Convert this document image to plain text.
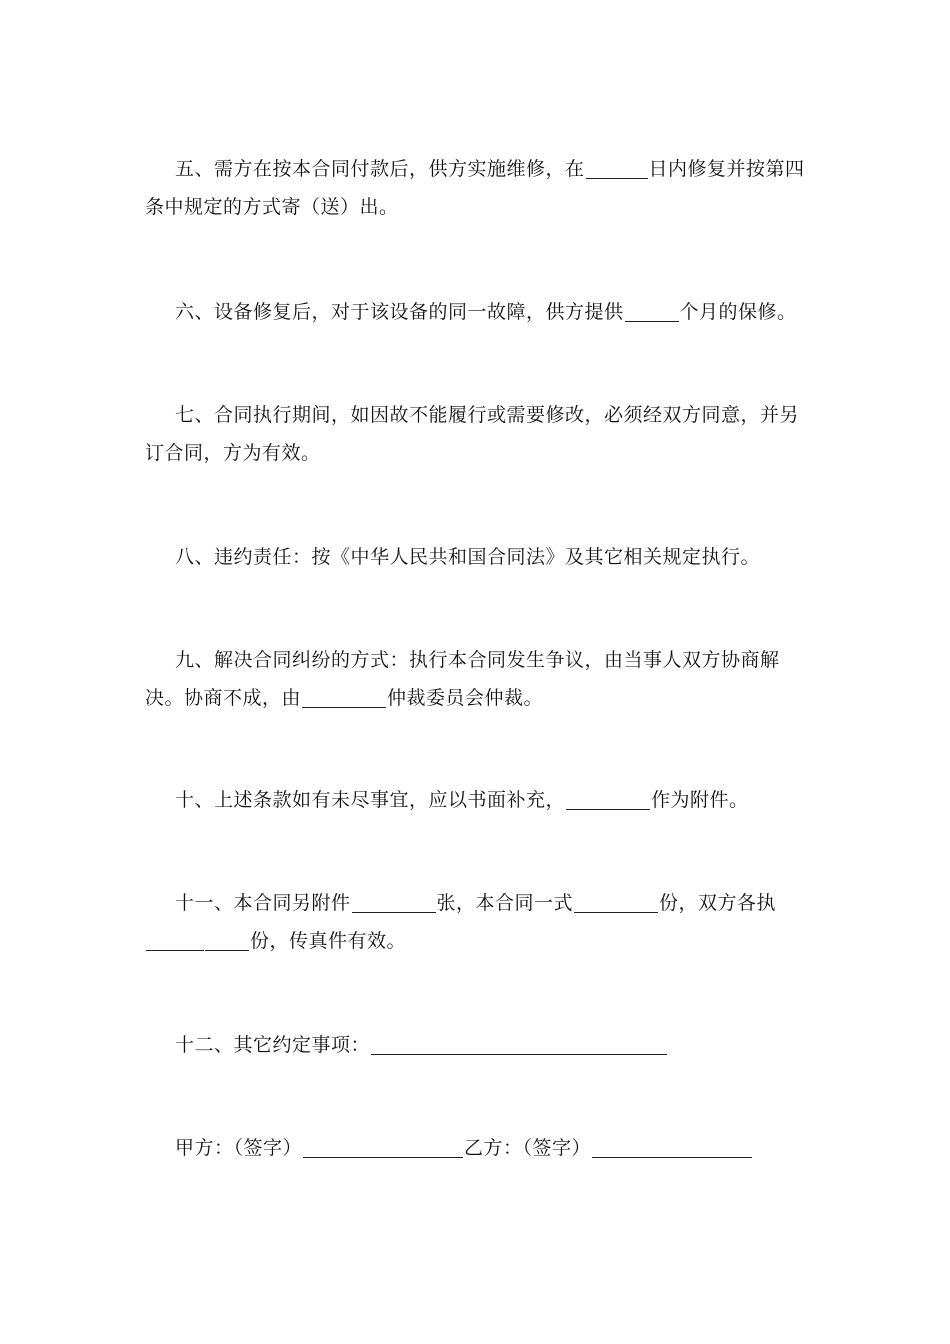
五、需方在按本合同付款后，供方实施维修，在	日内修复并按第四条中规定的方式寄（送）出。

六、设备修复后，对于该设备的同一故障，供方提供	个月的保修。

七、合同执行期间，如因故不能履行或需要修改，必须经双方同意，并另订合同，方为有效。

八、违约责任：按《中华人民共和国合同法》及其它相关规定执行。

九、解决合同纠纷的方式：执行本合同发生争议，由当事人双方协商解决。协商不成，由	仲裁委员会仲裁。

十、上述条款如有未尽事宜，应以书面补充，	作为附件。

十一、本合同另附件	张，本合同一式	份，双方各执份，传真件有效。

十二、其它约定事项：

甲方：（签字）	乙方：（签字）
